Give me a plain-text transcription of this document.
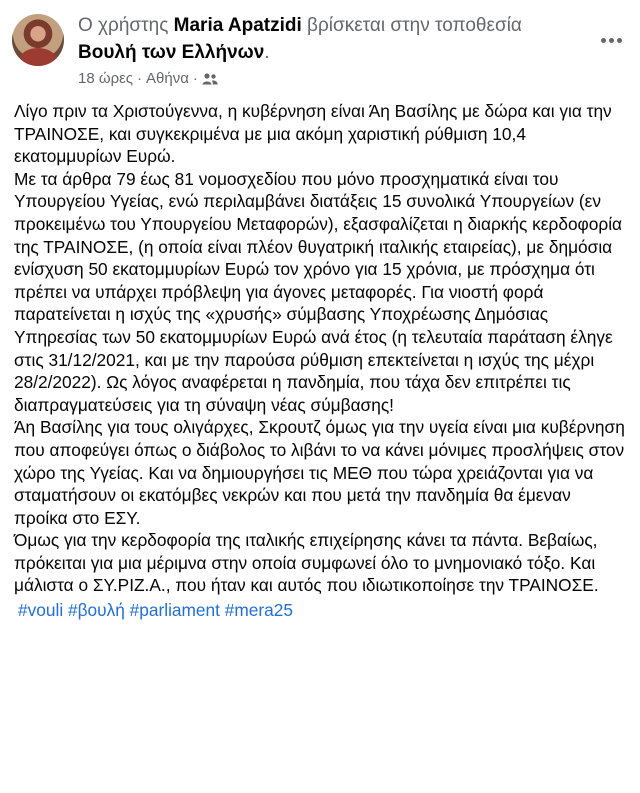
Ο χρήστης Maria Apatzidi βρίσκεται στην τοποθεσία
Βουλή των Ελλήνων.
18 ώρες · Αθήνα ·

Λίγο πριν τα Χριστούγεννα, η κυβέρνηση είναι Άη Βασίλης με δώρα και για την ΤΡΑΙΝΟΣΕ, και συγκεκριμένα με μια ακόμη χαριστική ρύθμιση 10,4 εκατομμυρίων Ευρώ.

Με τα άρθρα 79 έως 81 νομοσχεδίου που μόνο προσχηματικά είναι του Υπουργείου Υγείας, ενώ περιλαμβάνει διατάξεις 15 συνολικά Υπουργείων (εν προκειμένω του Υπουργείου Μεταφορών), εξασφαλίζεται η διαρκής κερδοφορία της ΤΡΑΙΝΟΣΕ, (η οποία είναι πλέον θυγατρική ιταλικής εταιρείας), με δημόσια ενίσχυση 50 εκατομμυρίων Ευρώ τον χρόνο για 15 χρόνια, με πρόσχημα ότι πρέπει να υπάρχει πρόβλεψη για άγονες μεταφορές. Για νιοστή φορά παρατείνεται η ισχύς της «χρυσής» σύμβασης Υποχρέωσης Δημόσιας Υπηρεσίας των 50 εκατομμυρίων Ευρώ ανά έτος (η τελευταία παράταση έληγε στις 31/12/2021, και με την παρούσα ρύθμιση επεκτείνεται η ισχύς της μέχρι 28/2/2022). Ως λόγος αναφέρεται η πανδημία, που τάχα δεν επιτρέπει τις διαπραγματεύσεις για τη σύναψη νέας σύμβασης!

Άη Βασίλης για τους ολιγάρχες, Σκρουτζ όμως για την υγεία είναι μια κυβέρνηση που αποφεύγει όπως ο διάβολος το λιβάνι το να κάνει μόνιμες προσλήψεις στον χώρο της Υγείας. Και να δημιουργήσει τις ΜΕΘ που τώρα χρειάζονται για να σταματήσουν οι εκατόμβες νεκρών και που μετά την πανδημία θα έμεναν προίκα στο ΕΣΥ.

Όμως για την κερδοφορία της ιταλικής επιχείρησης κάνει τα πάντα. Βεβαίως, πρόκειται για μια μέριμνα στην οποία συμφωνεί όλο το μνημονιακό τόξο. Και μάλιστα ο ΣΥ.ΡΙΖ.Α., που ήταν και αυτός που ιδιωτικοποίησε την ΤΡΑΙΝΟΣΕ.

#vouli #βουλή #parliament #mera25
